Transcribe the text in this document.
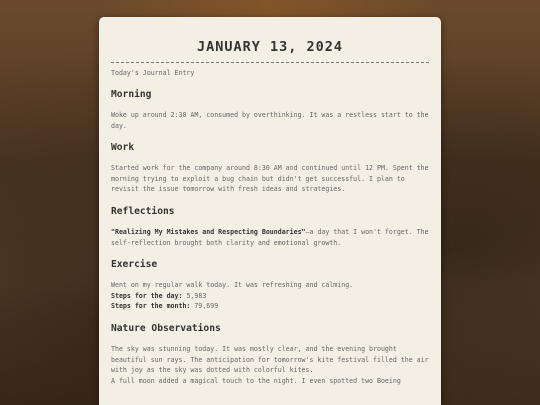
JANUARY 13, 2024
Today's Journal Entry
Morning

Woke up around 2:30 AM, consumed by overthinking. It was a restless start to the day.

Work

Started work for the company around 8:30 AM and continued until 12 PM. Spent the morning trying to exploit a bug chain but didn't get successful. I plan to revisit the issue tomorrow with fresh ideas and strategies.

Reflections

"Realizing My Mistakes and Respecting Boundaries"—a day that I won't forget. The self-reflection brought both clarity and emotional growth.

Exercise

Went on my regular walk today. It was refreshing and calming.

Steps for the day: 5,983

Steps for the month: 79,699

Nature Observations

The sky was stunning today. It was mostly clear, and the evening brought beautiful sun rays. The anticipation for tomorrow's kite festival filled the air with joy as the sky was dotted with colorful kites.

A full moon added a magical touch to the night. I even spotted two Boeing
